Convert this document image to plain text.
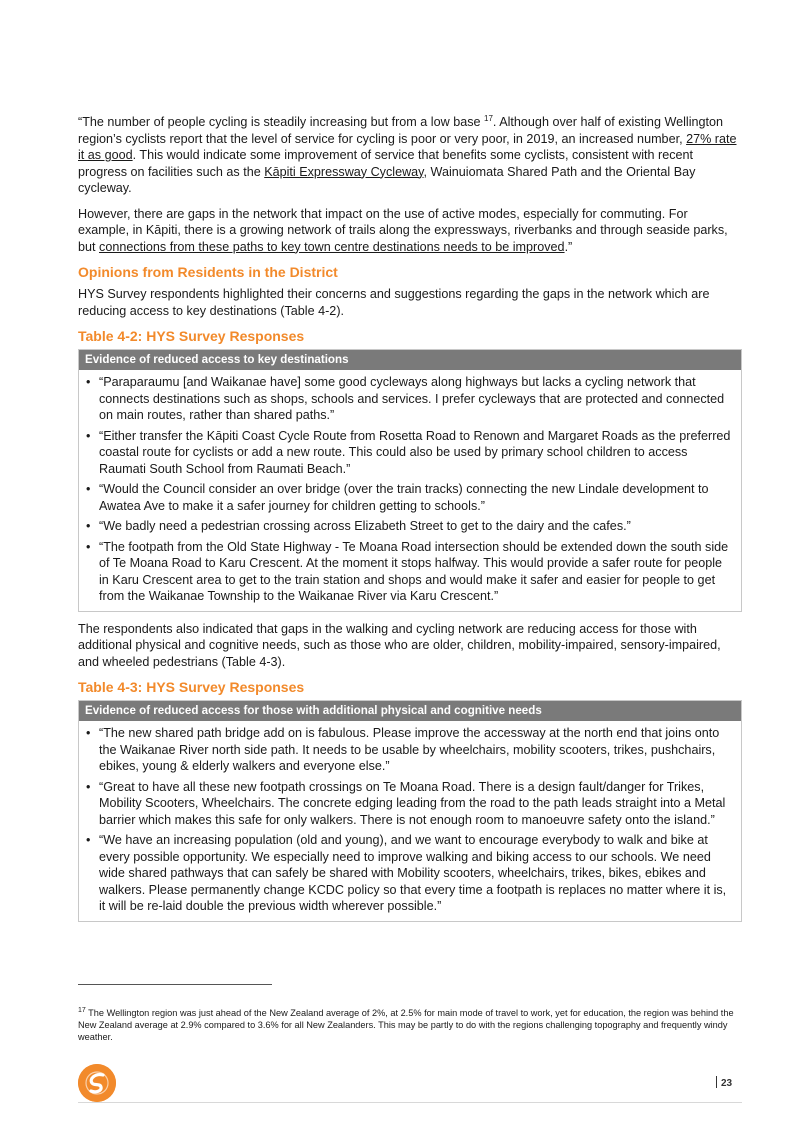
“The number of people cycling is steadily increasing but from a low base $^{17}$. Although over half of existing Wellington region’s cyclists report that the level of service for cycling is poor or very poor, in 2019, an increased number, 27% rate it as good. This would indicate some improvement of service that benefits some cyclists, consistent with recent progress on facilities such as the Kāpiti Expressway Cycleway, Wainuiomata Shared Path and the Oriental Bay cycleway.

However, there are gaps in the network that impact on the use of active modes, especially for commuting. For example, in Kāpiti, there is a growing network of trails along the expressways, riverbanks and through seaside parks, but connections from these paths to key town centre destinations needs to be improved.”

Opinions from Residents in the District

HYS Survey respondents highlighted their concerns and suggestions regarding the gaps in the network which are reducing access to key destinations (Table 4-2).

Table 4-2: HYS Survey Responses
Evidence of reduced access to key destinations
• “Paraparaumu [and Waikanae have] some good cycleways along highways but lacks a cycling network that connects destinations such as shops, schools and services. I prefer cycleways that are protected and connected on main routes, rather than shared paths.”
• “Either transfer the Kāpiti Coast Cycle Route from Rosetta Road to Renown and Margaret Roads as the preferred coastal route for cyclists or add a new route. This could also be used by primary school children to access Raumati South School from Raumati Beach.”
• “Would the Council consider an over bridge (over the train tracks) connecting the new Lindale development to Awatea Ave to make it a safer journey for children getting to schools.”
• “We badly need a pedestrian crossing across Elizabeth Street to get to the dairy and the cafes.”
• “The footpath from the Old State Highway - Te Moana Road intersection should be extended down the south side of Te Moana Road to Karu Crescent. At the moment it stops halfway. This would provide a safer route for people in Karu Crescent area to get to the train station and shops and would make it safer and easier for people to get from the Waikanae Township to the Waikanae River via Karu Crescent.”

The respondents also indicated that gaps in the walking and cycling network are reducing access for those with additional physical and cognitive needs, such as those who are older, children, mobility-impaired, sensory-impaired, and wheeled pedestrians (Table 4-3).

Table 4-3: HYS Survey Responses
Evidence of reduced access for those with additional physical and cognitive needs
• “The new shared path bridge add on is fabulous. Please improve the accessway at the north end that joins onto the Waikanae River north side path. It needs to be usable by wheelchairs, mobility scooters, trikes, pushchairs, ebikes, young & elderly walkers and everyone else.”
• “Great to have all these new footpath crossings on Te Moana Road. There is a design fault/danger for Trikes, Mobility Scooters, Wheelchairs. The concrete edging leading from the road to the path leads straight into a Metal barrier which makes this safe for only walkers. There is not enough room to manoeuvre safety onto the island.”
• “We have an increasing population (old and young), and we want to encourage everybody to walk and bike at every possible opportunity. We especially need to improve walking and biking access to our schools. We need wide shared pathways that can safely be shared with Mobility scooters, wheelchairs, trikes, bikes, ebikes and walkers. Please permanently change KCDC policy so that every time a footpath is replaces no matter where it is, it will be re-laid double the previous width wherever possible.”
$^{17}$ The Wellington region was just ahead of the New Zealand average of 2%, at 2.5% for main mode of travel to work, yet for education, the region was behind the New Zealand average at 2.9% compared to 3.6% for all New Zealanders. This may be partly to do with the regions challenging topography and frequently windy weather.
23
